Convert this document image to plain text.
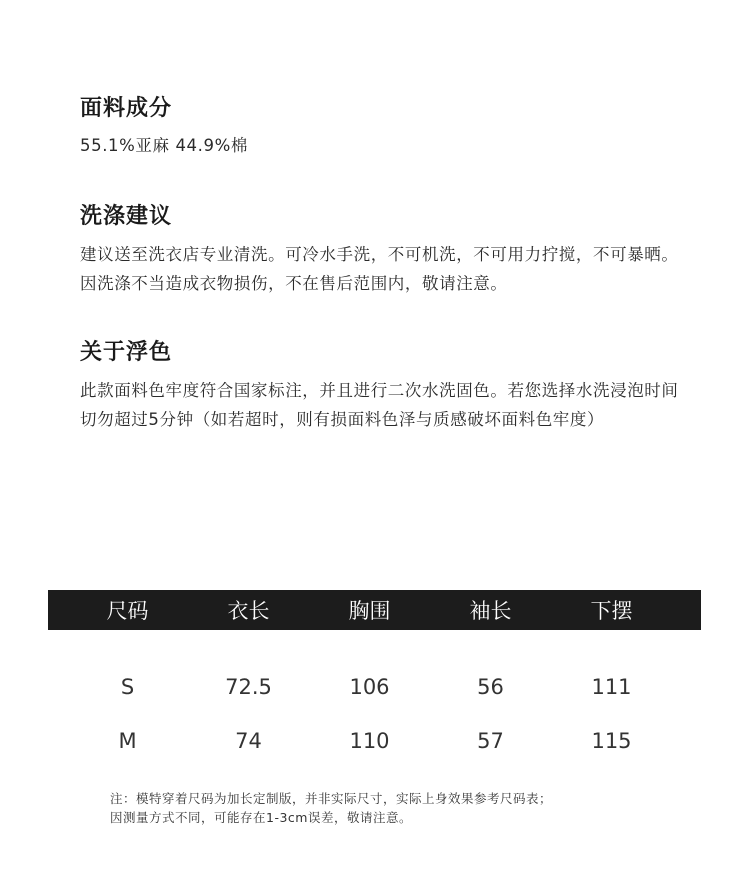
面料成分

55.1%亚麻 44.9%棉

洗涤建议

建议送至洗衣店专业清洗。可冷水手洗，不可机洗，不可用力拧搅，不可暴晒。因洗涤不当造成衣物损伤，不在售后范围内，敬请注意。

关于浮色

此款面料色牢度符合国家标注，并且进行二次水洗固色。若您选择水洗浸泡时间切勿超过5分钟（如若超时，则有损面料色泽与质感破坏面料色牢度）

尺码	衣长	胸围	袖长	下摆
S	72.5	106	56	111
M	74	110	57	115
注：模特穿着尺码为加长定制版，并非实际尺寸，实际上身效果参考尺码表；
因测量方式不同，可能存在1-3cm误差，敬请注意。
